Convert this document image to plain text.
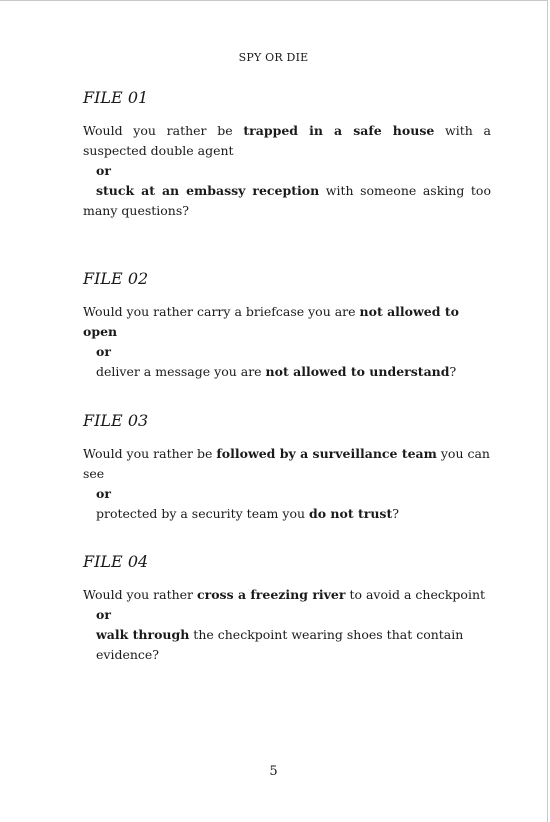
SPY OR DIE
FILE 01

Would you rather be trapped in a safe house with a suspected double agent

or

stuck at an embassy reception with someone asking too many questions?

FILE 02

Would you rather carry a briefcase you are not allowed to open

or

deliver a message you are not allowed to understand?

FILE 03

Would you rather be followed by a surveillance team you can see

or

protected by a security team you do not trust?

FILE 04

Would you rather cross a freezing river to avoid a checkpoint

or

walk through the checkpoint wearing shoes that contain evidence?

5
